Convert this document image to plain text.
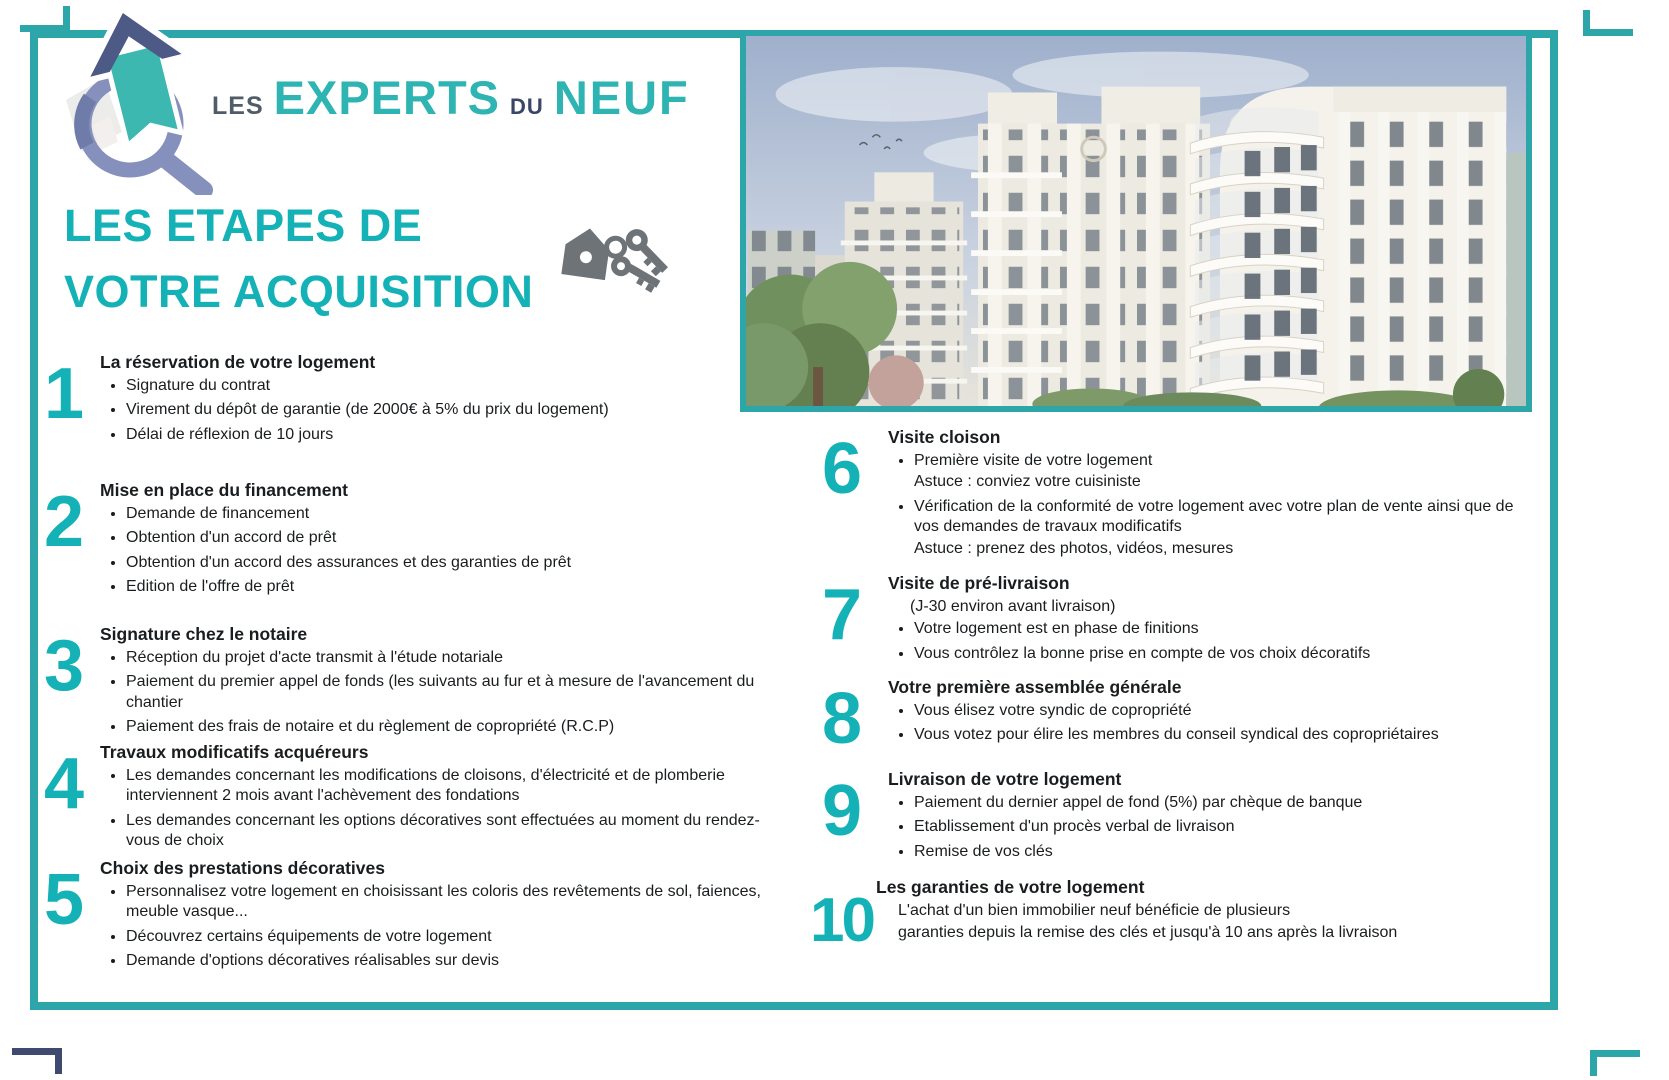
LES EXPERTS DU NEUF
LES ETAPES DE
VOTRE ACQUISITION
1	La réservation de votre logement
• Signature du contrat
• Virement du dépôt de garantie (de 2000€ à 5% du prix du logement)
• Délai de réflexion de 10 jours
2	Mise en place du financement
• Demande de financement
• Obtention d'un accord de prêt
• Obtention d'un accord des assurances et des garanties de prêt
• Edition de l'offre de prêt
3	Signature chez le notaire
• Réception du projet d'acte transmit à l'étude notariale
• Paiement du premier appel de fonds (les suivants au fur et à mesure de l'avancement du chantier
• Paiement des frais de notaire et du règlement de copropriété (R.C.P)
4	Travaux modificatifs acquéreurs
• Les demandes concernant les modifications de cloisons, d'électricité et de plomberie interviennent 2 mois avant l'achèvement des fondations
• Les demandes concernant les options décoratives sont effectuées au moment du rendez-vous de choix
5	Choix des prestations décoratives
• Personnalisez votre logement en choisissant les coloris des revêtements de sol, faiences, meuble vasque...
• Découvrez certains équipements de votre logement
• Demande d'options décoratives réalisables sur devis
6	Visite cloison
• Première visite de votre logement
Astuce : conviez votre cuisiniste
• Vérification de la conformité de votre logement avec votre plan de vente ainsi que de vos demandes de travaux modificatifs
Astuce : prenez des photos, vidéos, mesures
7	Visite de pré-livraison

(J-30 environ avant livraison)

• Votre logement est en phase de finitions
• Vous contrôlez la bonne prise en compte de vos choix décoratifs
8	Votre première assemblée générale
• Vous élisez votre syndic de copropriété
• Vous votez pour élire les membres du conseil syndical des copropriétaires
9	Livraison de votre logement
• Paiement du dernier appel de fond (5%) par chèque de banque
• Etablissement d'un procès verbal de livraison
• Remise de vos clés
10 Les garanties de votre logement

L'achat d'un bien immobilier neuf bénéficie de plusieurs

garanties depuis la remise des clés et jusqu'à 10 ans après la livraison
